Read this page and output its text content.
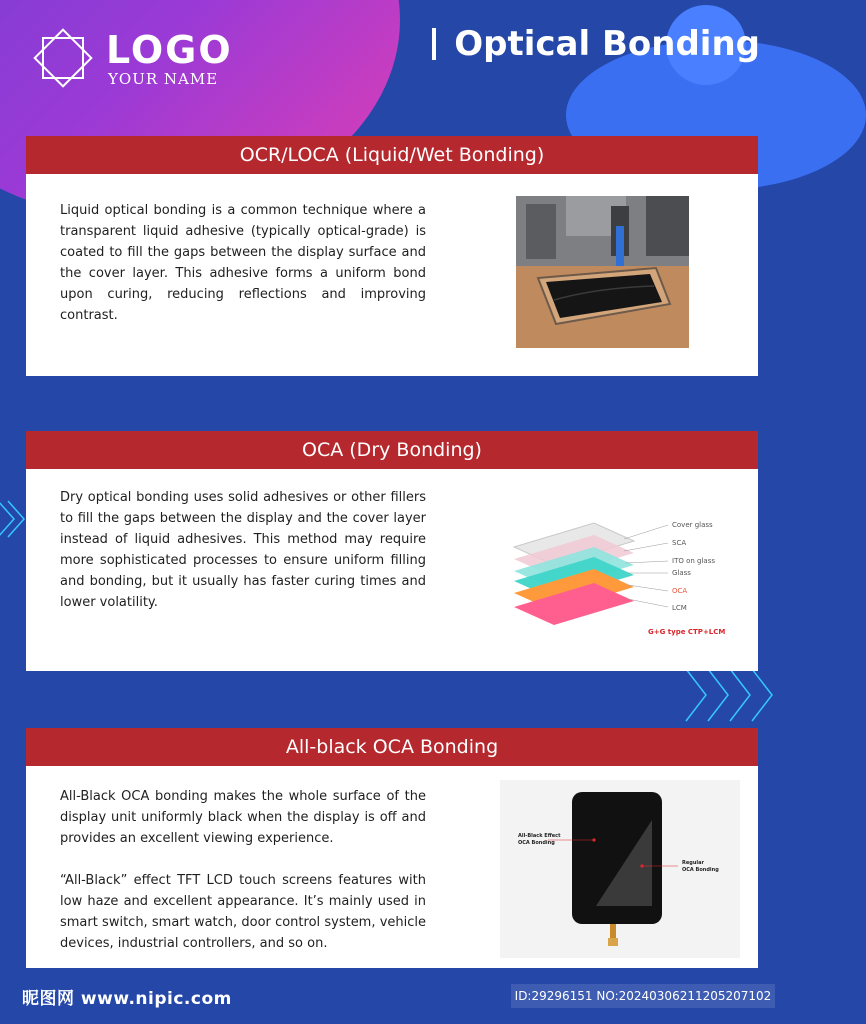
LOGO
YOUR NAME
Optical Bonding
OCR/LOCA (Liquid/Wet Bonding)

Liquid optical bonding is a common technique where a transparent liquid adhesive (typically optical-grade) is coated to fill the gaps between the display surface and the cover layer. This adhesive forms a uniform bond upon curing, reducing reflections and improving contrast.

OCA (Dry Bonding)

Dry optical bonding uses solid adhesives or other fillers to fill the gaps between the display and the cover layer instead of liquid adhesives. This method may require more sophisticated processes to ensure uniform filling and bonding, but it usually has faster curing times and lower volatility.

Cover glass
SCA
ITO on glass
Glass
OCA
LCM
G+G type CTP+LCM
All-black OCA Bonding

All-Black OCA bonding makes the whole surface of the display unit uniformly black when the display is off and provides an excellent viewing experience.

“All-Black” effect TFT LCD touch screens features with low haze and excellent appearance. It’s mainly used in smart switch, smart watch, door control system, vehicle devices, industrial controllers, and so on.

All-Black Effect
OCA Bonding
Regular
OCA Bonding
昵图网 www.nipic.com	ID:29296151 NO:20240306211205207102
